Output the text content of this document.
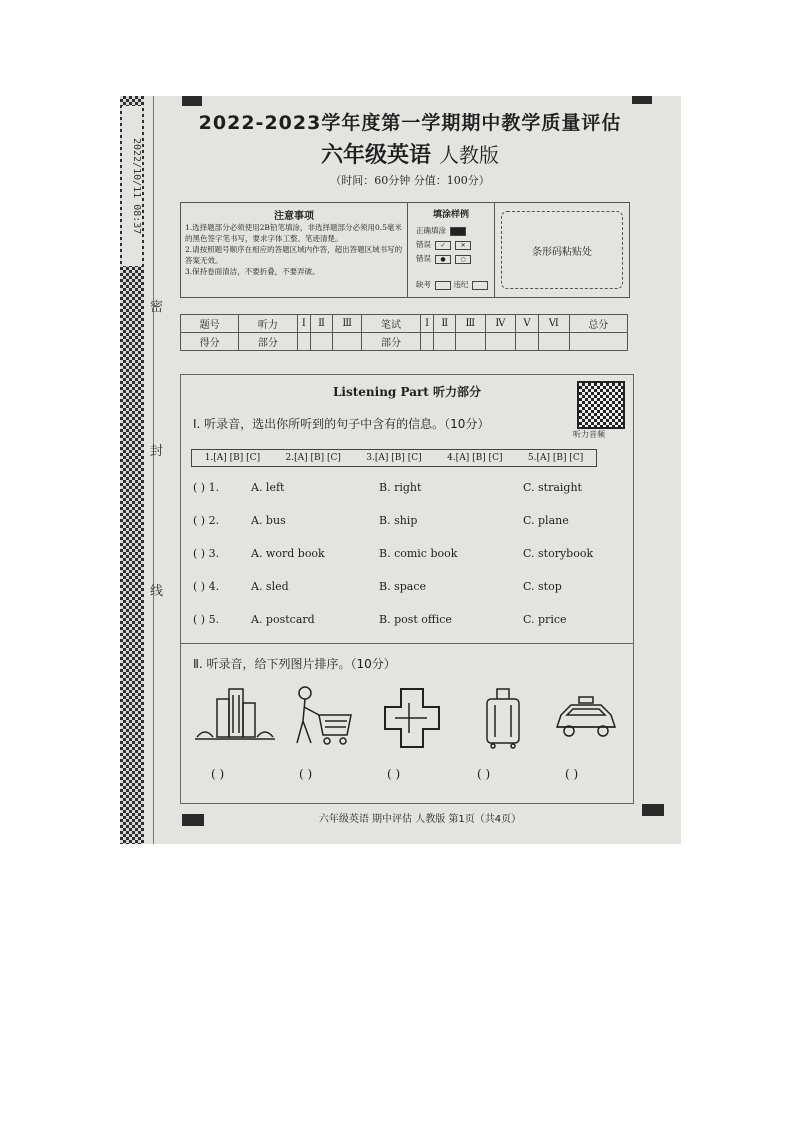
2022/10/11 08:37
密
封
线
2022-2023学年度第一学期期中教学质量评估
六年级英语 人教版
（时间：60分钟 分值：100分）
注意事项
1.选择题部分必须使用2B铅笔填涂，非选择题部分必须用0.5毫米的黑色签字笔书写，要求字体工整、笔迹清楚。
2.请按照题号顺序在相应的答题区域内作答，超出答题区域书写的答案无效。
3.保持卷面清洁，不要折叠，不要弄破。
填涂样例
正确填涂
错误 ✓ ✕
错误 ● ○
缺考	违纪
条形码粘贴处
题号	听力	Ⅰ	Ⅱ	Ⅲ	笔试	Ⅰ	Ⅱ	Ⅲ	Ⅳ	Ⅴ	Ⅵ	总分
得分	部分				部分							
Listening Part 听力部分
听力音频
Ⅰ. 听录音，选出你所听到的句子中含有的信息。（10分）
1.[A] [B] [C]	2.[A] [B] [C]	3.[A] [B] [C]	4.[A] [B] [C]	5.[A] [B] [C]
( ) 1.	A. left	B. right	C. straight
( ) 2.	A. bus	B. ship	C. plane
( ) 3.	A. word book	B. comic book	C. storybook
( ) 4.	A. sled	B. space	C. stop
( ) 5.	A. postcard	B. post office	C. price
Ⅱ. 听录音，给下列图片排序。（10分）
( )	( )	( )	( )	( )
六年级英语 期中评估 人教版 第1页（共4页）
